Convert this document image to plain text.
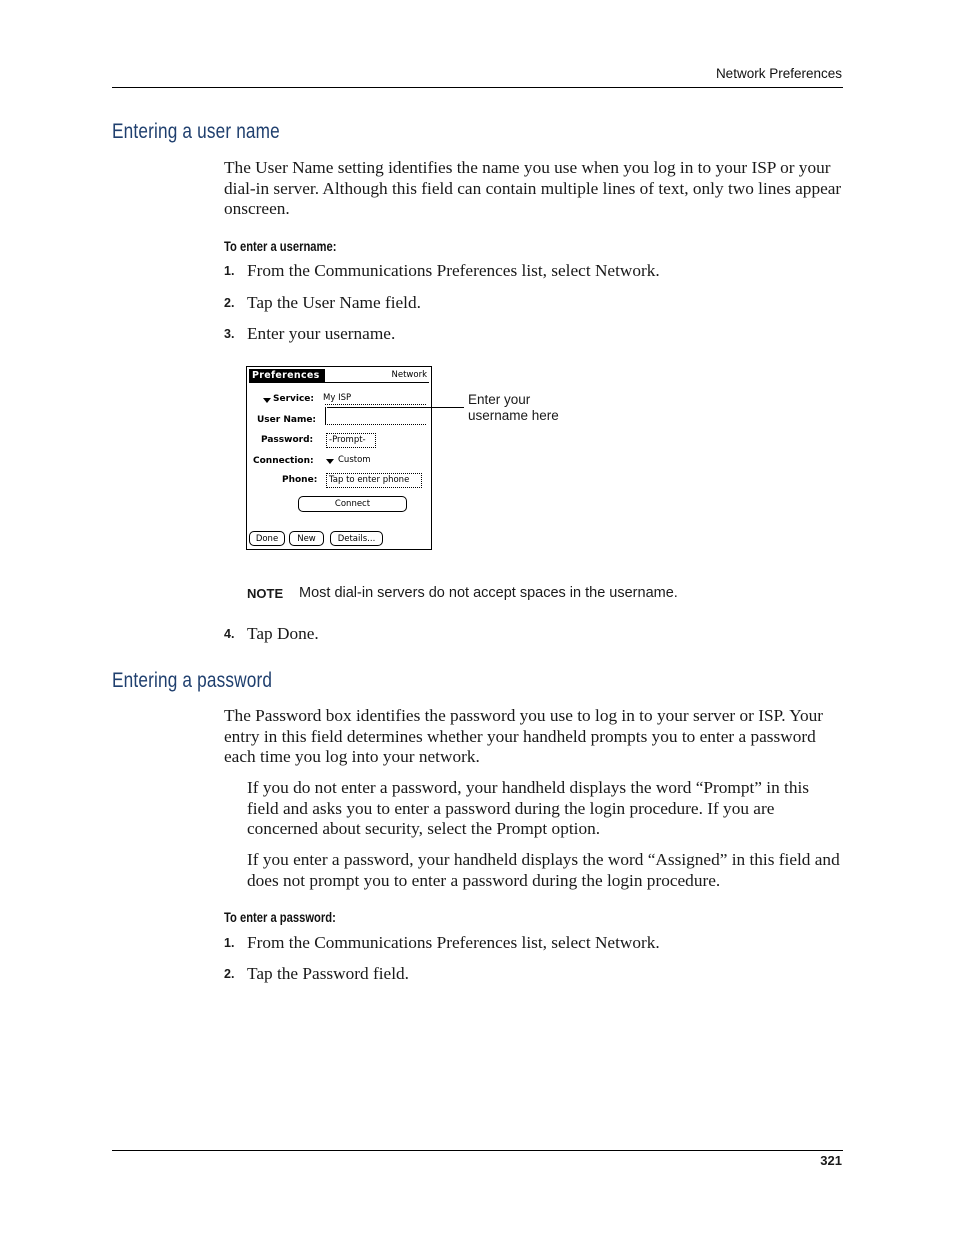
Network Preferences
Entering a user name
The User Name setting identifies the name you use when you log in to your ISP or your dial-in server. Although this field can contain multiple lines of text, only two lines appear onscreen.
To enter a username:
1. From the Communications Preferences list, select Network.
2. Tap the User Name field.
3. Enter your username.
Preferences	Network
Service: My ISP
User Name:
Password:	-Prompt-
Connection:	Custom
Phone:	Tap to enter phone
Connect
Done	New	Details...
Enter your
username here
NOTE Most dial-in servers do not accept spaces in the username.
4. Tap Done.
Entering a password
The Password box identifies the password you use to log in to your server or ISP. Your entry in this field determines whether your handheld prompts you to enter a password each time you log into your network.
If you do not enter a password, your handheld displays the word “Prompt” in this field and asks you to enter a password during the login procedure. If you are concerned about security, select the Prompt option.
If you enter a password, your handheld displays the word “Assigned” in this field and does not prompt you to enter a password during the login procedure.
To enter a password:
1. From the Communications Preferences list, select Network.
2. Tap the Password field.
321
